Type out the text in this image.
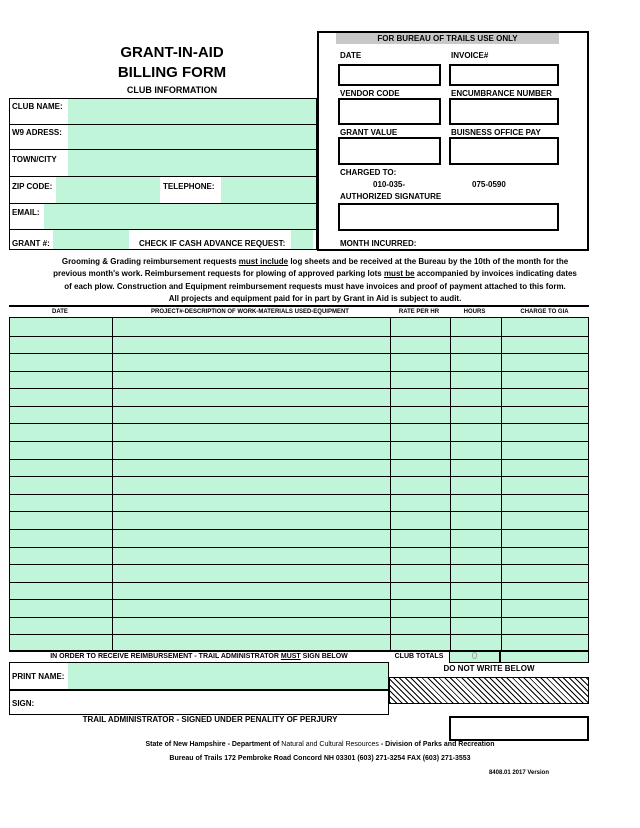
GRANT-IN-AID
BILLING FORM
CLUB INFORMATION
FOR BUREAU OF TRAILS USE ONLY
DATE	INVOICE#
VENDOR CODE	ENCUMBRANCE NUMBER
GRANT VALUE	BUISNESS OFFICE PAY
CHARGED TO:
010-035-	075-0590
AUTHORIZED SIGNATURE
MONTH INCURRED:
CLUB NAME:
W9 ADRESS:
TOWN/CITY
ZIP CODE:	TELEPHONE:
EMAIL:
GRANT #:	CHECK IF CASH ADVANCE REQUEST:
Grooming & Grading reimbursement requests must include log sheets and be received at the Bureau by the 10th of the month for the
previous month's work. Reimbursement requests for plowing of approved parking lots must be accompanied by invoices indicating dates
of each plow. Construction and Equipment reimbursement requests must have invoices and proof of payment attached to this form.
All projects and equipment paid for in part by Grant in Aid is subject to audit.
DATE	PROJECT#-DESCRIPTION OF WORK-MATERIALS USED-EQUIPMENT	RATE PER HR	HOURS	CHARGE TO GIA
IN ORDER TO RECEIVE REIMBURSEMENT - TRAIL ADMINISTRATOR MUST SIGN BELOW	CLUB TOTALS	0
PRINT NAME:
DO NOT WRITE BELOW
SIGN:
TRAIL ADMINISTRATOR - SIGNED UNDER PENALITY OF PERJURY
State of New Hampshire - Department of Natural and Cultural Resources - Division of Parks and Recreation
Bureau of Trails 172 Pembroke Road Concord NH 03301 (603) 271-3254 FAX (603) 271-3553
8408.01 2017 Version
